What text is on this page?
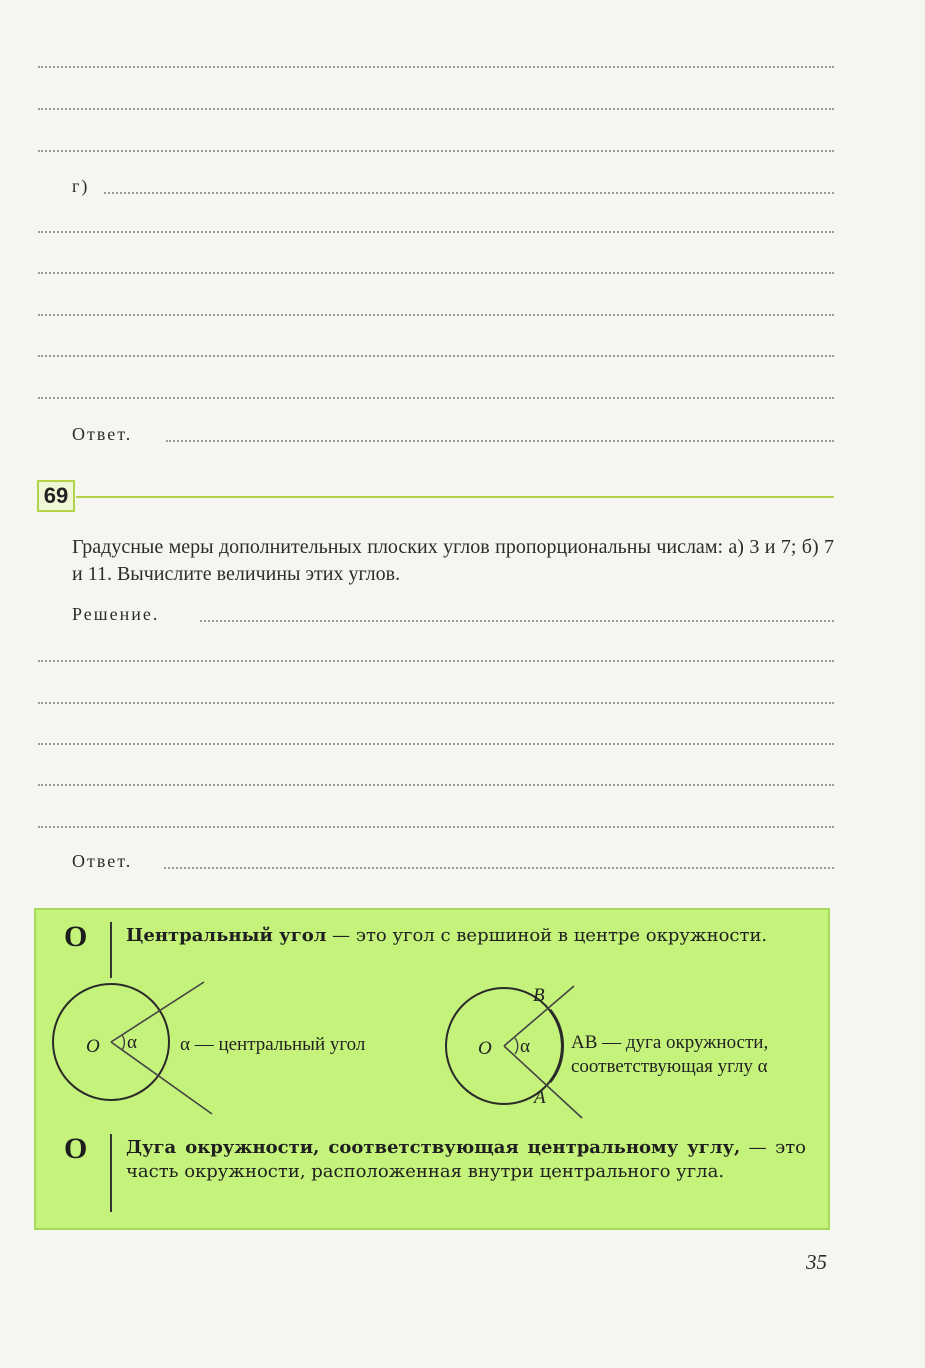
г)
Ответ.
69
Градусные меры дополнительных плоских углов пропорциональны числам: а) 3 и 7; б) 7 и 11. Вычислите величины этих углов.
Решение.
Ответ.
О Центральный угол — это угол с вершиной в центре окружности.
O α α — центральный угол	O α
B
A
AB — дуга окружности,
соответствующая углу α
О Дуга окружности, соответствующая центральному углу, — это часть окружности, расположенная внутри центрального угла.
35
